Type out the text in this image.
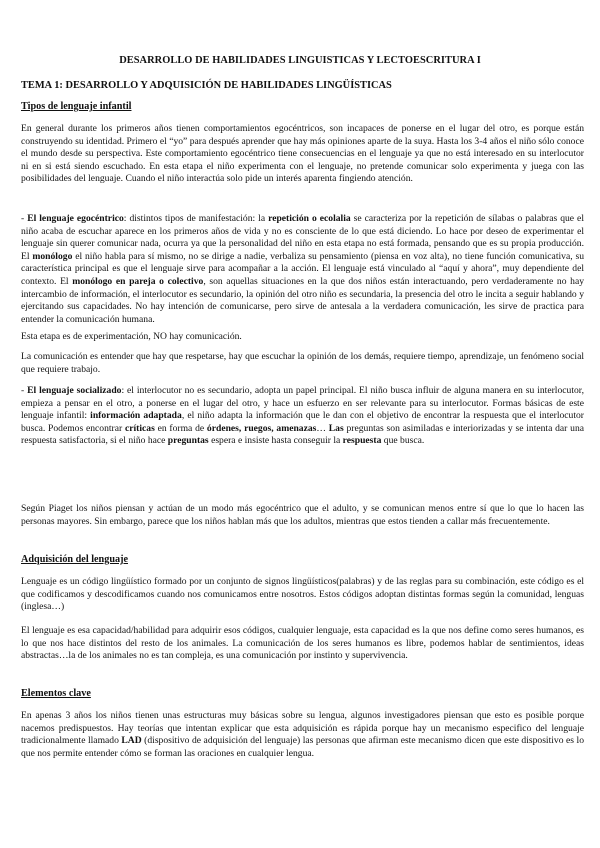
DESARROLLO DE HABILIDADES LINGUISTICAS Y LECTOESCRITURA I
TEMA 1: DESARROLLO Y ADQUISICIÓN DE HABILIDADES LINGÜÍSTICAS
Tipos de lenguaje infantil

En general durante los primeros años tienen comportamientos egocéntricos, son incapaces de ponerse en el lugar del otro, es porque están construyendo su identidad. Primero el “yo” para después aprender que hay más opiniones aparte de la suya. Hasta los 3-4 años el niño sólo conoce el mundo desde su perspectiva. Este comportamiento egocéntrico tiene consecuencias en el lenguaje ya que no está interesado en su interlocutor ni en si está siendo escuchado. En esta etapa el niño experimenta con el lenguaje, no pretende comunicar solo experimenta y juega con las posibilidades del lenguaje. Cuando el niño interactúa solo pide un interés aparenta fingiendo atención.

- El lenguaje egocéntrico: distintos tipos de manifestación: la repetición o ecolalia se caracteriza por la repetición de sílabas o palabras que el niño acaba de escuchar aparece en los primeros años de vida y no es consciente de lo que está diciendo. Lo hace por deseo de experimentar el lenguaje sin querer comunicar nada, ocurra ya que la personalidad del niño en esta etapa no está formada, pensando que es su propia producción. El monólogo el niño habla para sí mismo, no se dirige a nadie, verbaliza su pensamiento (piensa en voz alta), no tiene función comunicativa, su característica principal es que el lenguaje sirve para acompañar a la acción. El lenguaje está vinculado al “aquí y ahora”, muy dependiente del contexto. El monólogo en pareja o colectivo, son aquellas situaciones en la que dos niños están interactuando, pero verdaderamente no hay intercambio de información, el interlocutor es secundario, la opinión del otro niño es secundaria, la presencia del otro le incita a seguir hablando y ejercitando sus capacidades. No hay intención de comunicarse, pero sirve de antesala a la verdadera comunicación, les sirve de practica para entender la comunicación humana.

Esta etapa es de experimentación, NO hay comunicación.

La comunicación es entender que hay que respetarse, hay que escuchar la opinión de los demás, requiere tiempo, aprendizaje, un fenómeno social que requiere trabajo.

- El lenguaje socializado: el interlocutor no es secundario, adopta un papel principal. El niño busca influir de alguna manera en su interlocutor, empieza a pensar en el otro, a ponerse en el lugar del otro, y hace un esfuerzo en ser relevante para su interlocutor. Formas básicas de este lenguaje infantil: información adaptada, el niño adapta la información que le dan con el objetivo de encontrar la respuesta que el interlocutor busca. Podemos encontrar críticas en forma de órdenes, ruegos, amenazas… Las preguntas son asimiladas e interiorizadas y se intenta dar una respuesta satisfactoria, si el niño hace preguntas espera e insiste hasta conseguir la respuesta que busca.

Según Piaget los niños piensan y actúan de un modo más egocéntrico que el adulto, y se comunican menos entre sí que lo que lo hacen las personas mayores. Sin embargo, parece que los niños hablan más que los adultos, mientras que estos tienden a callar más frecuentemente.

Adquisición del lenguaje

Lenguaje es un código lingüístico formado por un conjunto de signos lingüísticos(palabras) y de las reglas para su combinación, este código es el que codificamos y descodificamos cuando nos comunicamos entre nosotros. Estos códigos adoptan distintas formas según la comunidad, lenguas (inglesa…)

El lenguaje es esa capacidad/habilidad para adquirir esos códigos, cualquier lenguaje, esta capacidad es la que nos define como seres humanos, es lo que nos hace distintos del resto de los animales. La comunicación de los seres humanos es libre, podemos hablar de sentimientos, ideas abstractas…la de los animales no es tan compleja, es una comunicación por instinto y supervivencia.

Elementos clave

En apenas 3 años los niños tienen unas estructuras muy básicas sobre su lengua, algunos investigadores piensan que esto es posible porque nacemos predispuestos. Hay teorías que intentan explicar que esta adquisición es rápida porque hay un mecanismo especifico del lenguaje tradicionalmente llamado LAD (dispositivo de adquisición del lenguaje) las personas que afirman este mecanismo dicen que este dispositivo es lo que nos permite entender cómo se forman las oraciones en cualquier lengua.
